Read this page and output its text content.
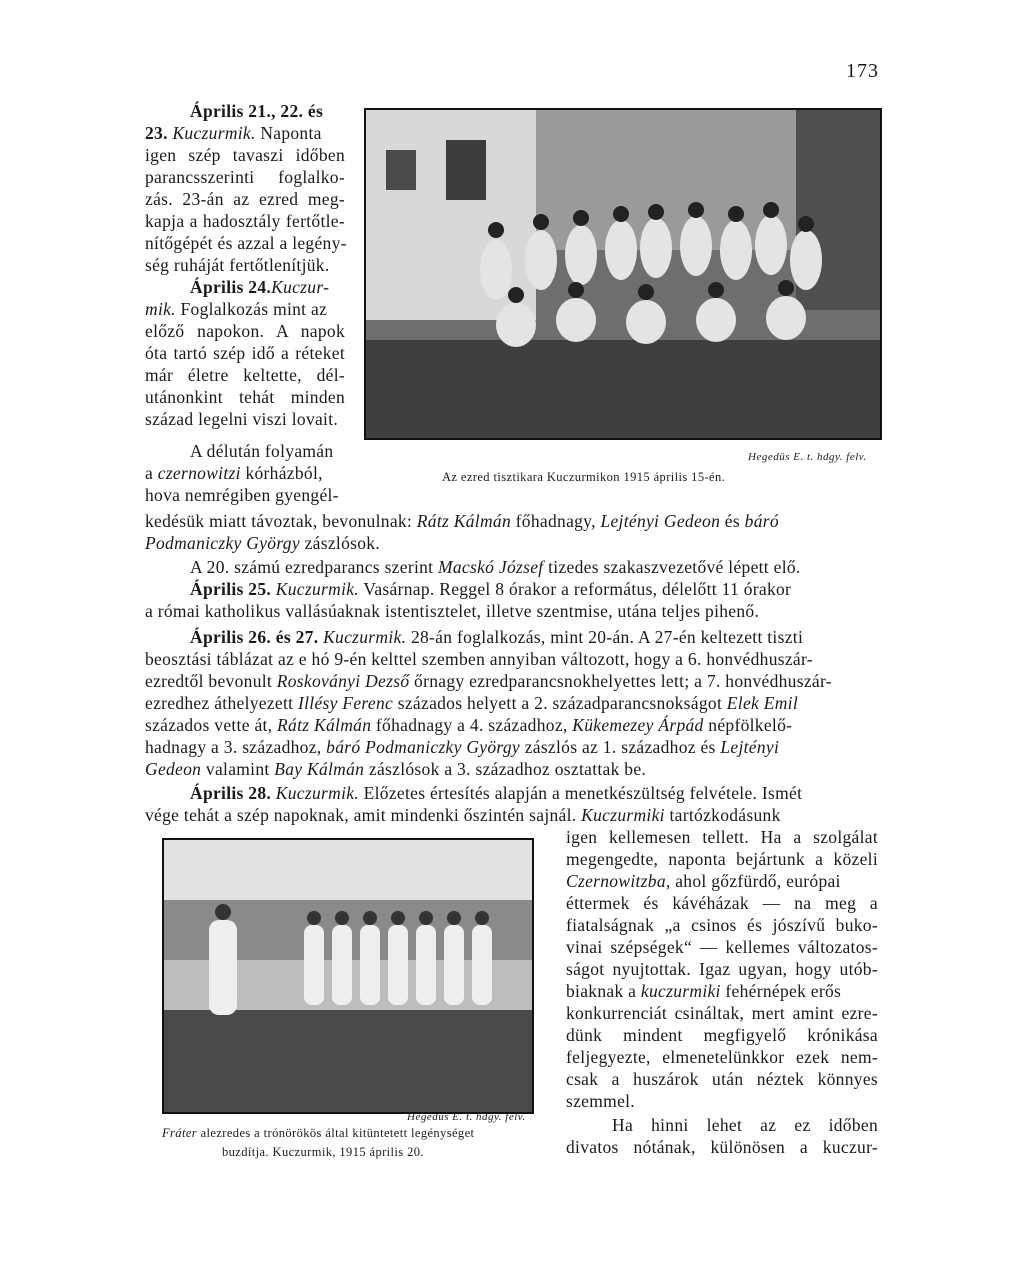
173
Hegedüs E. t. hdgy. felv.
Az ezred tisztikara Kuczurmikon 1915 április 15-én.
Hegedüs E. t. hdgy. felv.
Fráter alezredes a trónörökös által kitüntetett legénységet
buzdítja. Kuczurmik, 1915 április 20.
Április 21., 22. és
23. Kuczurmik. Naponta
igen szép tavaszi időben
parancsszerinti foglalko-
zás. 23-án az ezred meg-
kapja a hadosztály fertőtle-
nítőgépét és azzal a legény-
ség ruháját fertőtlenítjük.
Április 24.Kuczur-
mik. Foglalkozás mint az
előző napokon. A napok
óta tartó szép idő a réteket
már életre keltette, dél-
utánonkint tehát minden
század legelni viszi lovait.
A délután folyamán
a czernowitzi kórházból,
hova nemrégiben gyengél-
kedésük miatt távoztak, bevonulnak: Rátz Kálmán főhadnagy, Lejtényi Gedeon és báró
Podmaniczky György zászlósok.
A 20. számú ezredparancs szerint Macskó József tizedes szakaszvezetővé lépett elő.
Április 25. Kuczurmik. Vasárnap. Reggel 8 órakor a református, délelőtt 11 órakor
a római katholikus vallásúaknak istentisztelet, illetve szentmise, utána teljes pihenő.
Április 26. és 27. Kuczurmik. 28-án foglalkozás, mint 20-án. A 27-én keltezett tiszti
beosztási táblázat az e hó 9-én kelttel szemben annyiban változott, hogy a 6. honvédhuszár-
ezredtől bevonult Roskoványi Dezső őrnagy ezredparancsnokhelyettes lett; a 7. honvédhuszár-
ezredhez áthelyezett Illésy Ferenc százados helyett a 2. századparancsnokságot Elek Emil
százados vette át, Rátz Kálmán főhadnagy a 4. századhoz, Kükemezey Árpád népfölkelő-
hadnagy a 3. századhoz, báró Podmaniczky György zászlós az 1. századhoz és Lejtényi
Gedeon valamint Bay Kálmán zászlósok a 3. századhoz osztattak be.
Április 28. Kuczurmik. Előzetes értesítés alapján a menetkészültség felvétele. Ismét
vége tehát a szép napoknak, amit mindenki őszintén sajnál. Kuczurmiki tartózkodásunk
igen kellemesen tellett. Ha a szolgálat
megengedte, naponta bejártunk a közeli
Czernowitzba, ahol gőzfürdő, európai
éttermek és kávéházak — na meg a
fiatalságnak „a csinos és jószívű buko-
vinai szépségek“ — kellemes változatos-
ságot nyujtottak. Igaz ugyan, hogy utób-
biaknak a kuczurmiki fehérnépek erős
konkurrenciát csináltak, mert amint ezre-
dünk mindent megfigyelő krónikása
feljegyezte, elmenetelünkkor ezek nem-
csak a huszárok után néztek könnyes
szemmel.
Ha hinni lehet az ez időben
divatos nótának, különösen a kuczur-
